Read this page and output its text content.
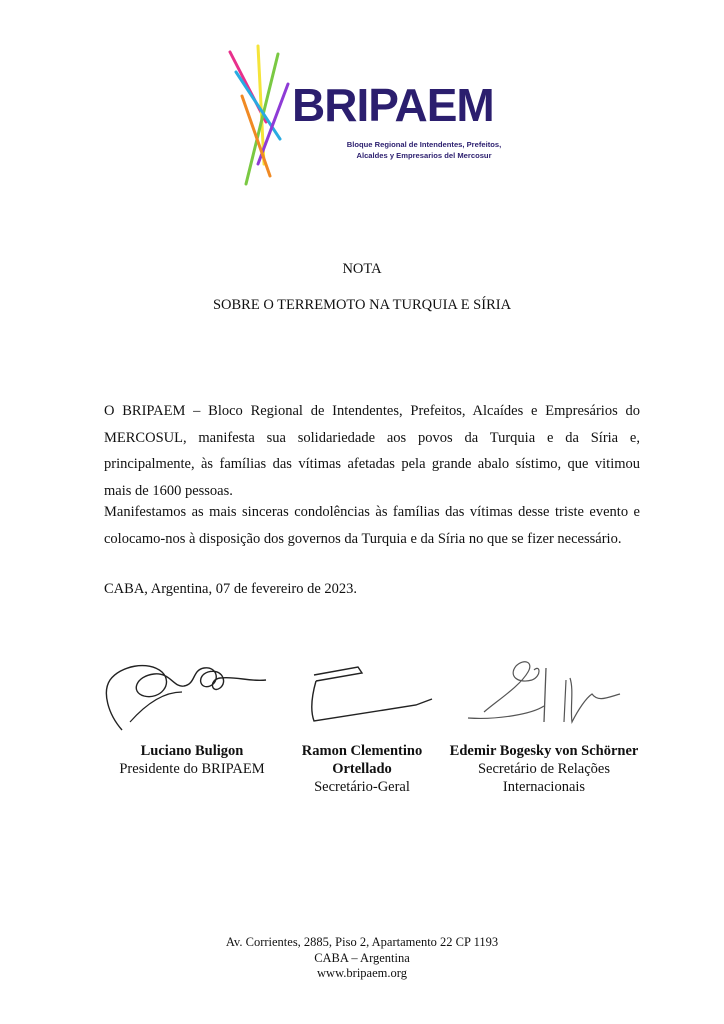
BRIPAEM
Bloque Regional de Intendentes, Prefeitos,
Alcaldes y Empresarios del Mercosur
NOTA
SOBRE O TERREMOTO NA TURQUIA E SÍRIA
O BRIPAEM – Bloco Regional de Intendentes, Prefeitos, Alcaídes e Empresários do MERCOSUL, manifesta sua solidariedade aos povos da Turquia e da Síria e, principalmente, às famílias das vítimas afetadas pela grande abalo sístimo, que vitimou mais de 1600 pessoas.
Manifestamos as mais sinceras condolências às famílias das vítimas desse triste evento e colocamo-nos à disposição dos governos da Turquia e da Síria no que se fizer necessário.
CABA, Argentina, 07 de fevereiro de 2023.
Luciano Buligon
Presidente do BRIPAEM
Ramon Clementino
Ortellado
Secretário-Geral
Edemir Bogesky von Schörner
Secretário de Relações
Internacionais
Av. Corrientes, 2885, Piso 2, Apartamento 22 CP 1193
CABA – Argentina
www.bripaem.org
